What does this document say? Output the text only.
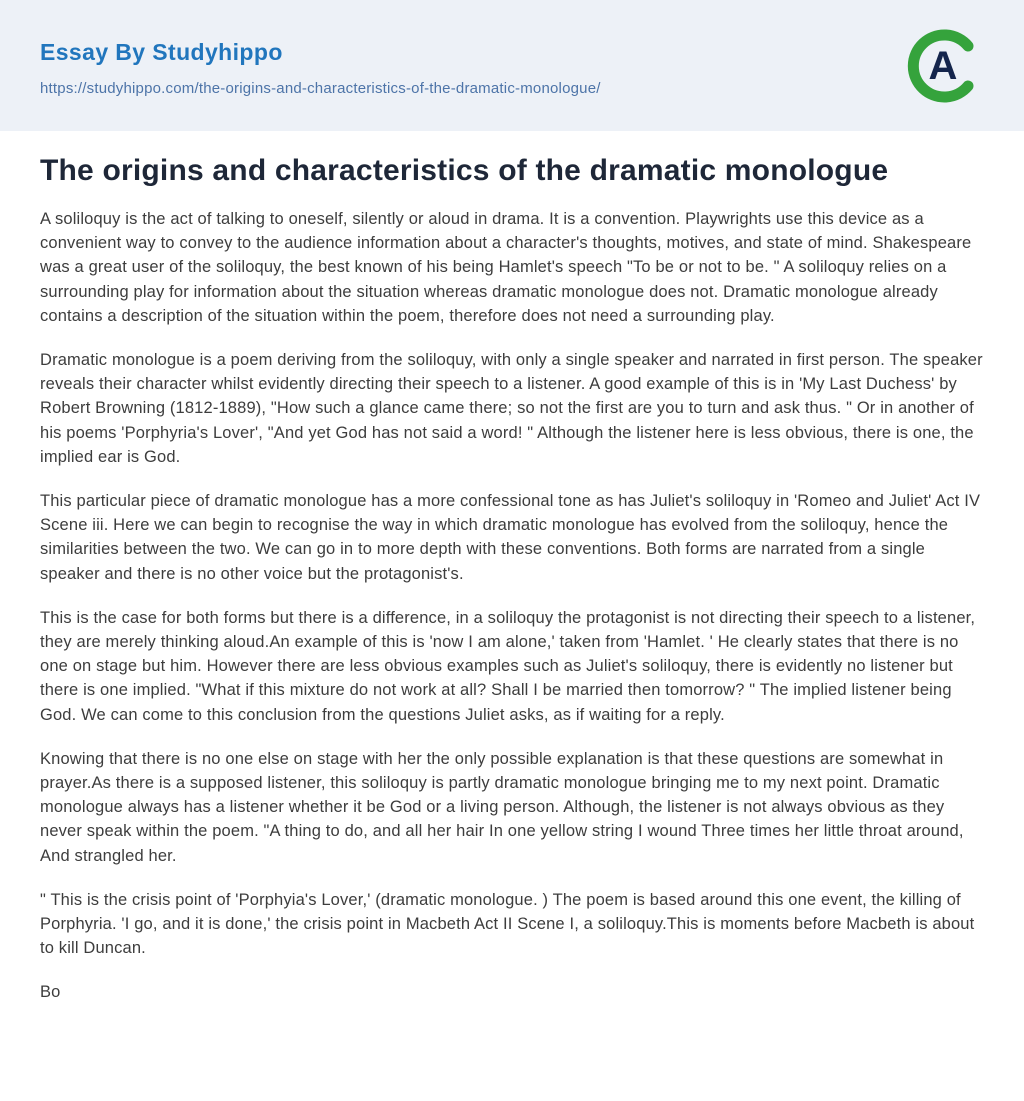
Essay By Studyhippo
https://studyhippo.com/the-origins-and-characteristics-of-the-dramatic-monologue/
A
The origins and characteristics of the dramatic monologue

A soliloquy is the act of talking to oneself, silently or aloud in drama. It is a convention. Playwrights use this device as a convenient way to convey to the audience information about a character's thoughts, motives, and state of mind. Shakespeare was a great user of the soliloquy, the best known of his being Hamlet's speech "To be or not to be. " A soliloquy relies on a surrounding play for information about the situation whereas dramatic monologue does not. Dramatic monologue already contains a description of the situation within the poem, therefore does not need a surrounding play.

Dramatic monologue is a poem deriving from the soliloquy, with only a single speaker and narrated in first person. The speaker reveals their character whilst evidently directing their speech to a listener. A good example of this is in 'My Last Duchess' by Robert Browning (1812-1889), "How such a glance came there; so not the first are you to turn and ask thus. " Or in another of his poems 'Porphyria's Lover', "And yet God has not said a word! " Although the listener here is less obvious, there is one, the implied ear is God.

This particular piece of dramatic monologue has a more confessional tone as has Juliet's soliloquy in 'Romeo and Juliet' Act IV Scene iii. Here we can begin to recognise the way in which dramatic monologue has evolved from the soliloquy, hence the similarities between the two. We can go in to more depth with these conventions. Both forms are narrated from a single speaker and there is no other voice but the protagonist's.

This is the case for both forms but there is a difference, in a soliloquy the protagonist is not directing their speech to a listener, they are merely thinking aloud.An example of this is 'now I am alone,' taken from 'Hamlet. ' He clearly states that there is no one on stage but him. However there are less obvious examples such as Juliet's soliloquy, there is evidently no listener but there is one implied. "What if this mixture do not work at all? Shall I be married then tomorrow? " The implied listener being God. We can come to this conclusion from the questions Juliet asks, as if waiting for a reply.

Knowing that there is no one else on stage with her the only possible explanation is that these questions are somewhat in prayer.As there is a supposed listener, this soliloquy is partly dramatic monologue bringing me to my next point. Dramatic monologue always has a listener whether it be God or a living person. Although, the listener is not always obvious as they never speak within the poem. "A thing to do, and all her hair In one yellow string I wound Three times her little throat around, And strangled her.

" This is the crisis point of 'Porphyia's Lover,' (dramatic monologue. ) The poem is based around this one event, the killing of Porphyria. 'I go, and it is done,' the crisis point in Macbeth Act II Scene I, a soliloquy.This is moments before Macbeth is about to kill Duncan.

Bo
